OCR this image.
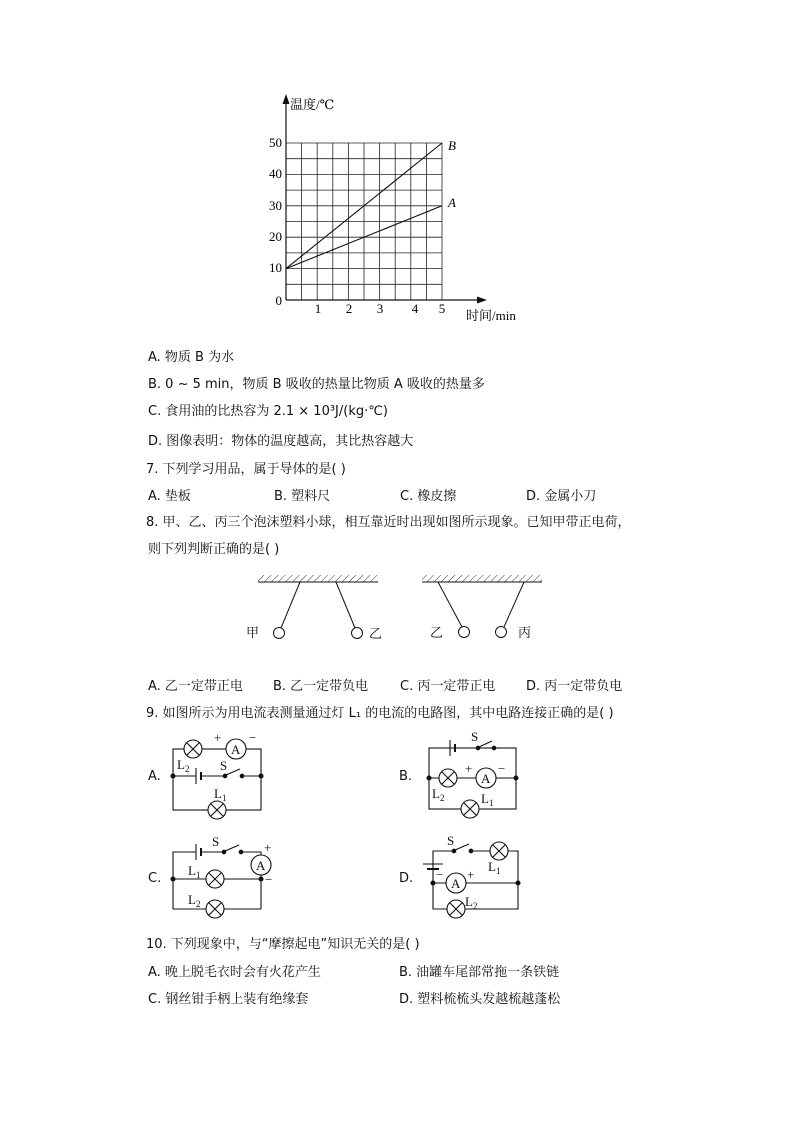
温度/℃
时间/min
50
40
30
20
10
0
1 2 3 4 5
B
A
A. 物质 B 为水
B. 0 ~ 5 min，物质 B 吸收的热量比物质 A 吸收的热量多
C. 食用油的比热容为 2.1 × 10³J/(kg·℃)
D. 图像表明：物体的温度越高，其比热容越大
7. 下列学习用品，属于导体的是( )
A. 垫板	B. 塑料尺	C. 橡皮擦	D. 金属小刀
8. 甲、乙、丙三个泡沫塑料小球，相互靠近时出现如图所示现象。已知甲带正电荷，
则下列判断正确的是( )
甲	乙	乙	丙
A. 乙一定带正电 B. 乙一定带负电 C. 丙一定带正电 D. 丙一定带负电
9. 如图所示为用电流表测量通过灯 L₁ 的电流的电路图，其中电路连接正确的是( )
A
+ −
S
$L_2$
$L_1$
S
A
+ −
$L_2$	$L_1$
S
A
+
−
$L_1$
$L_2$
S
A
+
−
$L_1$
$L_2$
A.	B.
C.	D.
10. 下列现象中，与“摩擦起电”知识无关的是( )
A. 晚上脱毛衣时会有火花产生	B. 油罐车尾部常拖一条铁链
C. 钢丝钳手柄上装有绝缘套	D. 塑料梳梳头发越梳越蓬松
